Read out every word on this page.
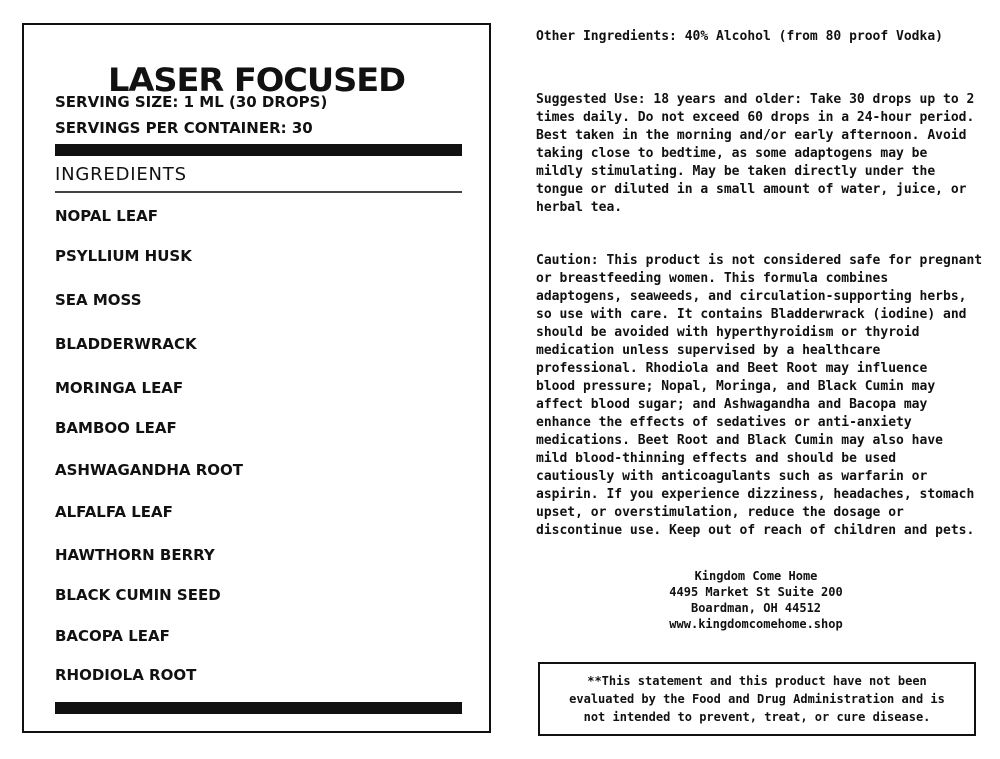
LASER FOCUSED
SERVING SIZE: 1 ML (30 DROPS)
SERVINGS PER CONTAINER: 30
INGREDIENTS
NOPAL LEAF
PSYLLIUM HUSK
SEA MOSS
BLADDERWRACK
MORINGA LEAF
BAMBOO LEAF
ASHWAGANDHA ROOT
ALFALFA LEAF
HAWTHORN BERRY
BLACK CUMIN SEED
BACOPA LEAF
RHODIOLA ROOT
Other Ingredients: 40% Alcohol (from 80 proof Vodka)
Suggested Use: 18 years and older: Take 30 drops up to 2
times daily. Do not exceed 60 drops in a 24-hour period.
Best taken in the morning and/or early afternoon. Avoid
taking close to bedtime, as some adaptogens may be
mildly stimulating. May be taken directly under the
tongue or diluted in a small amount of water, juice, or
herbal tea.
Caution: This product is not considered safe for pregnant
or breastfeeding women. This formula combines
adaptogens, seaweeds, and circulation-supporting herbs,
so use with care. It contains Bladderwrack (iodine) and
should be avoided with hyperthyroidism or thyroid
medication unless supervised by a healthcare
professional. Rhodiola and Beet Root may influence
blood pressure; Nopal, Moringa, and Black Cumin may
affect blood sugar; and Ashwagandha and Bacopa may
enhance the effects of sedatives or anti-anxiety
medications. Beet Root and Black Cumin may also have
mild blood-thinning effects and should be used
cautiously with anticoagulants such as warfarin or
aspirin. If you experience dizziness, headaches, stomach
upset, or overstimulation, reduce the dosage or
discontinue use. Keep out of reach of children and pets.
Kingdom Come Home
4495 Market St Suite 200
Boardman, OH 44512
www.kingdomcomehome.shop
**This statement and this product have not been
evaluated by the Food and Drug Administration and is
not intended to prevent, treat, or cure disease.
